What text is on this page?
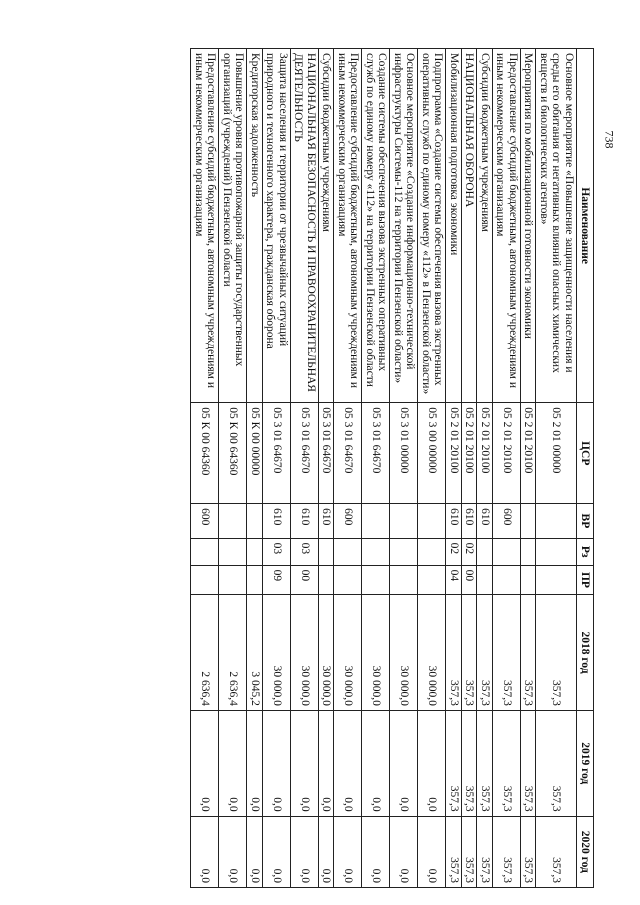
738
Наименование	ЦСР	ВР	Рз	ПР	2018 год	2019 год	2020 год
Основное мероприятие «Повышение защищенности населения и среды его обитания от негативных влияний опасных химических веществ и биологических агентов»	05 2 01 00000				357,3	357,3	357,3
Мероприятия по мобилизационной готовности экономики	05 2 01 20100				357,3	357,3	357,3
Предоставление субсидий бюджетным, автономным учреждениям и иным некоммерческим организациям	05 2 01 20100	600			357,3	357,3	357,3
Субсидии бюджетным учреждениям	05 2 01 20100	610			357,3	357,3	357,3
НАЦИОНАЛЬНАЯ ОБОРОНА	05 2 01 20100	610	02	00	357,3	357,3	357,3
Мобилизационная подготовка экономики	05 2 01 20100	610	02	04	357,3	357,3	357,3
Подпрограмма «Создание системы обеспечения вызова экстренных оперативных служб по единому номеру «112» в Пензенской области»	05 3 00 00000				30 000,0	0,0	0,0
Основное мероприятие «Создание информационно-технической инфраструктуры Системы-112 на территории Пензенской области»	05 3 01 00000				30 000,0	0,0	0,0
Создание системы обеспечения вызова экстренных оперативных служб по единому номеру «112» на территории Пензенской области	05 3 01 64670				30 000,0	0,0	0,0
Предоставление субсидий бюджетным, автономным учреждениям и иным некоммерческим организациям	05 3 01 64670	600			30 000,0	0,0	0,0
Субсидии бюджетным учреждениям	05 3 01 64670	610			30 000,0	0,0	0,0
НАЦИОНАЛЬНАЯ БЕЗОПАСНОСТЬ И ПРАВООХРАНИТЕЛЬНАЯ ДЕЯТЕЛЬНОСТЬ	05 3 01 64670	610	03	00	30 000,0	0,0	0,0
Защита населения и территории от чрезвычайных ситуаций природного и техногенного характера, гражданская оборона	05 3 01 64670	610	03	09	30 000,0	0,0	0,0
Кредиторская задолженность	05 К 00 00000				3 045,2	0,0	0,0
Повышение уровня противопожарной защиты государственных организаций (учреждений) Пензенской области	05 К 00 64360				2 636,4	0,0	0,0
Предоставление субсидий бюджетным, автономным учреждениям и иным некоммерческим организациям	05 К 00 64360	600			2 636,4	0,0	0,0
